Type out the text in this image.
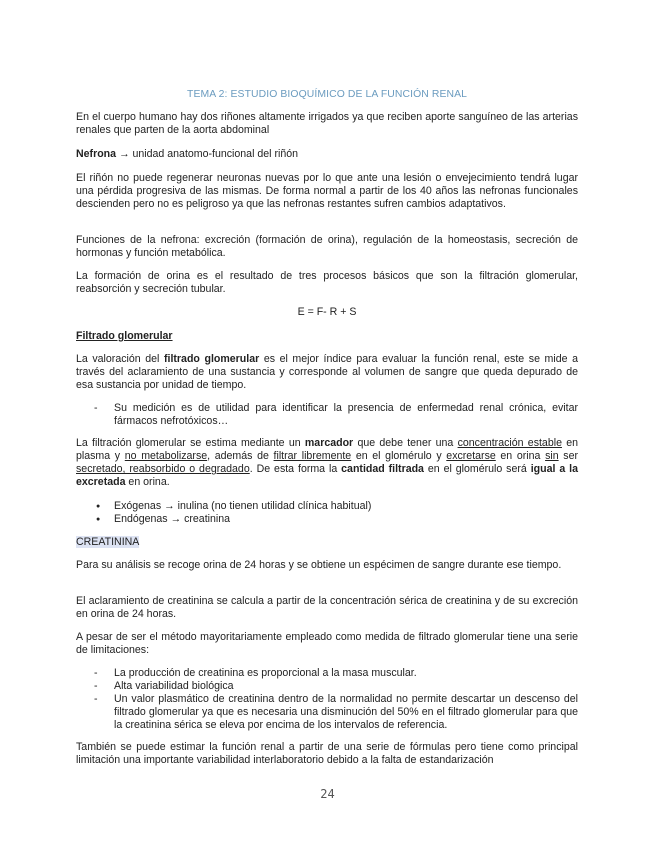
TEMA 2: ESTUDIO BIOQUÍMICO DE LA FUNCIÓN RENAL

En el cuerpo humano hay dos riñones altamente irrigados ya que reciben aporte sanguíneo de las arterias renales que parten de la aorta abdominal

Nefrona → unidad anatomo-funcional del riñón

El riñón no puede regenerar neuronas nuevas por lo que ante una lesión o envejecimiento tendrá lugar una pérdida progresiva de las mismas. De forma normal a partir de los 40 años las nefronas funcionales descienden pero no es peligroso ya que las nefronas restantes sufren cambios adaptativos.

Funciones de la nefrona: excreción (formación de orina), regulación de la homeostasis, secreción de hormonas y función metabólica.

La formación de orina es el resultado de tres procesos básicos que son la filtración glomerular, reabsorción y secreción tubular.

E = F- R + S

Filtrado glomerular

La valoración del filtrado glomerular es el mejor índice para evaluar la función renal, este se mide a través del aclaramiento de una sustancia y corresponde al volumen de sangre que queda depurado de esa sustancia por unidad de tiempo.

- Su medición es de utilidad para identificar la presencia de enfermedad renal crónica, evitar fármacos nefrotóxicos…

La filtración glomerular se estima mediante un marcador que debe tener una concentración estable en plasma y no metabolizarse, además de filtrar libremente en el glomérulo y excretarse en orina sin ser secretado, reabsorbido o degradado. De esta forma la cantidad filtrada en el glomérulo será igual a la excretada en orina.

● Exógenas → inulina (no tienen utilidad clínica habitual)
● Endógenas → creatinina

CREATININA

Para su análisis se recoge orina de 24 horas y se obtiene un espécimen de sangre durante ese tiempo.

El aclaramiento de creatinina se calcula a partir de la concentración sérica de creatinina y de su excreción en orina de 24 horas.

A pesar de ser el método mayoritariamente empleado como medida de filtrado glomerular tiene una serie de limitaciones:

- La producción de creatinina es proporcional a la masa muscular.
- Alta variabilidad biológica
- Un valor plasmático de creatinina dentro de la normalidad no permite descartar un descenso del filtrado glomerular ya que es necesaria una disminución del 50% en el filtrado glomerular para que la creatinina sérica se eleva por encima de los intervalos de referencia.

También se puede estimar la función renal a partir de una serie de fórmulas pero tiene como principal limitación una importante variabilidad interlaboratorio debido a la falta de estandarización

24
